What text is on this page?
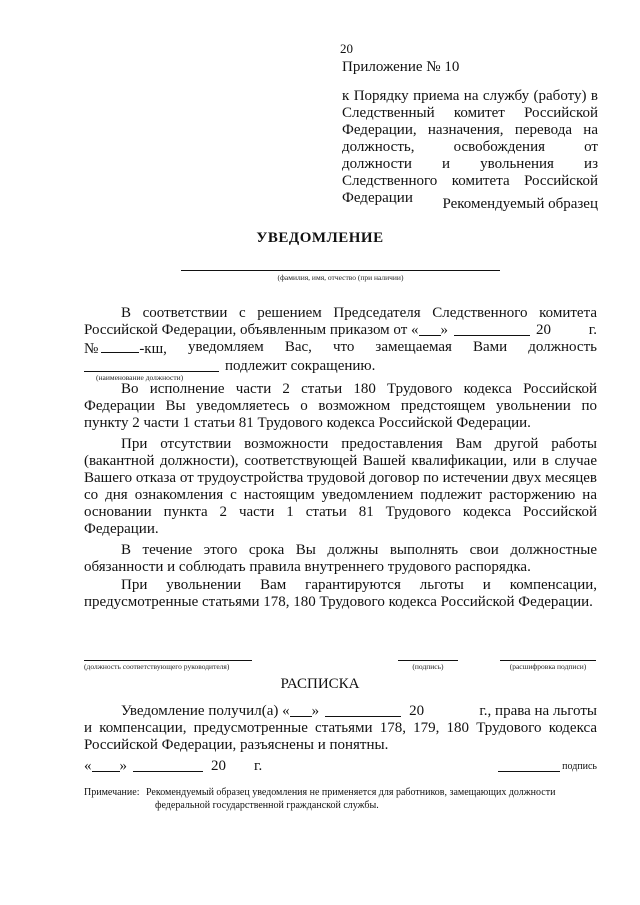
20
Приложение № 10
к Порядку приема на службу (работу) в
Следственный комитет Российской
Федерации, назначения, перевода на
должность, освобождения от
должности и увольнения из
Следственного комитета Российской
Федерации	Рекомендуемый образец
УВЕДОМЛЕНИЕ
(фамилия, имя, отчество (при наличии)
В соответствии с решением Председателя Следственного комитета
Российской Федерации, объявленным приказом от « »	20	г.
№	-кш, уведомляем Вас, что замещаемая Вами должность
подлежит сокращению.
(наименование должности)
Во исполнение части 2 статьи 180 Трудового кодекса Российской Федерации Вы уведомляетесь о возможном предстоящем увольнении по пункту 2 части 1 статьи 81 Трудового кодекса Российской Федерации.
При отсутствии возможности предоставления Вам другой работы (вакантной должности), соответствующей Вашей квалификации, или в случае Вашего отказа от трудоустройства трудовой договор по истечении двух месяцев со дня ознакомления с настоящим уведомлением подлежит расторжению на основании пункта 2 части 1 статьи 81 Трудового кодекса Российской Федерации.
В течение этого срока Вы должны выполнять свои должностные обязанности и соблюдать правила внутреннего трудового распорядка.
При увольнении Вам гарантируются льготы и компенсации, предусмотренные статьями 178, 180 Трудового кодекса Российской Федерации.
(должность соответствующего руководителя)	(подпись)	(расшифровка подписи)
РАСПИСКА
Уведомление получил(а) « »	20	г., права на льготы
и компенсации, предусмотренные статьями 178, 179, 180 Трудового кодекса
Российской Федерации, разъяснены и понятны.
« »	20 г.	подпись
Примечание: Рекомендуемый образец уведомления не применяется для работников, замещающих должности
федеральной государственной гражданской службы.
